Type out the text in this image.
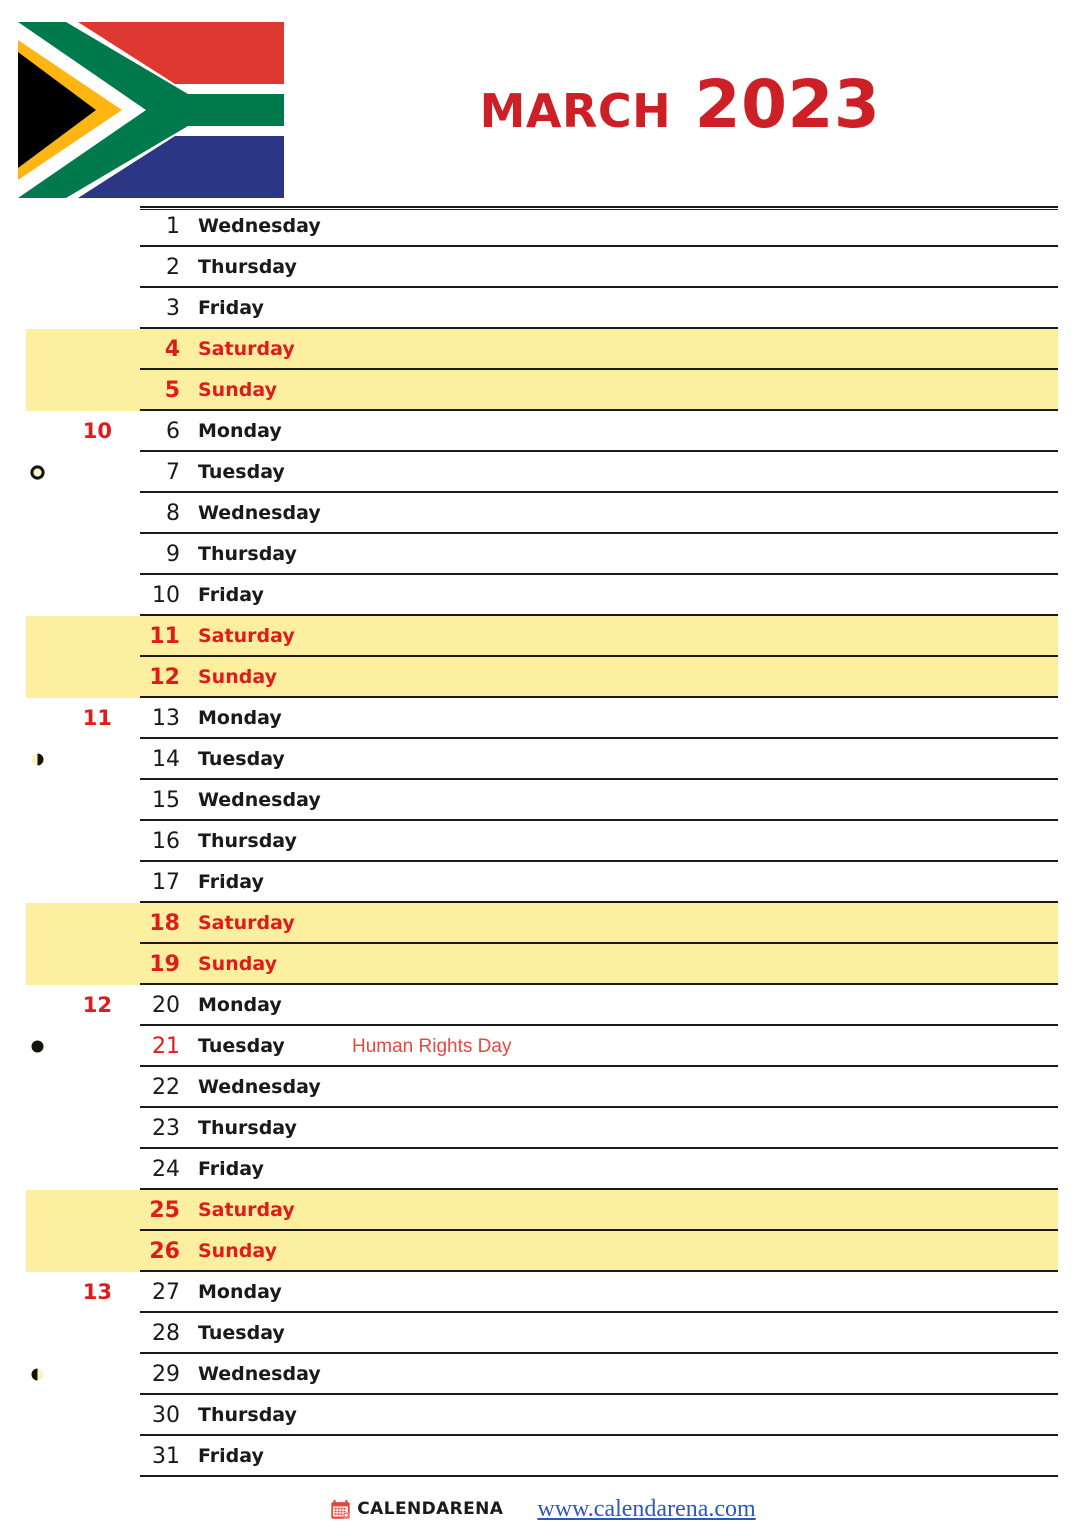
march 2023
1 Wednesday
2 Thursday
3 Friday
4 Saturday
5 Sunday
10	6 Monday
7 Tuesday
8 Wednesday
9 Thursday
10 Friday
11 Saturday
12 Sunday
11	13 Monday
14 Tuesday
15 Wednesday
16 Thursday
17 Friday
18 Saturday
19 Sunday
12	20 Monday
21 Tuesday	Human Rights Day
22 Wednesday
23 Thursday
24 Friday
25 Saturday
26 Sunday
13	27 Monday
28 Tuesday
29 Wednesday
30 Thursday
31 Friday
CALENDARENA www.calendarena.com
